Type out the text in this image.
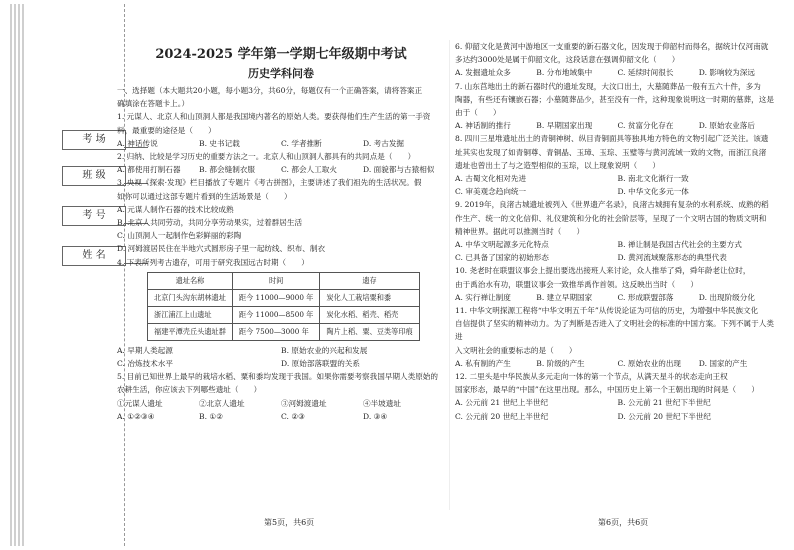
考 场
班 级
考 号
姓 名
2024-2025 学年第一学期七年级期中考试
历史学科问卷

一、选择题（本大题共20小题，每小题3分，共60分，每题仅有一个正确答案，请将答案正

确填涂在答题卡上。）

1. 元谋人、北京人和山顶洞人都是我国境内著名的原始人类。要获得他们生产生活的第一手资

料，最重要的途径是（　　）

A. 神话传说	B. 史书记载	C. 学者推断	D. 考古发掘

2. 归纳、比较是学习历史的重要方法之一。北京人和山顶洞人都具有的共同点是（　　）

A. 都使用打制石器	B. 都会缝制衣服	C. 都会人工取火	D. 面貌都与古猿相似

3. 央视《探索·发现》栏目播放了专题片《考古拼图》，主要讲述了我们祖先的生活状况。假

如你可以通过这部专题片看到的生活场景是（　　）

A. 元谋人制作石器的技术比较成熟
B. 北京人共同劳动，共同分享劳动果实，过着群居生活
C. 山顶洞人一起制作色彩鲜丽的彩陶
D. 河姆渡居民住在半地穴式圆形房子里一起纺线、织布、制衣

4. 下表所列考古遗存，可用于研究我国远古时期（　　）

遗址名称	时间	遗存
北京门头沟东胡林遗址	距今 11000—9000 年	炭化人工栽培粟和黍
浙江浦江上山遗址	距今 11000—8500 年	炭化水稻、稻壳、稻壳
福建平潭壳丘头遗址群	距今 7500—3000 年	陶片上稻、粟、豆类等印痕
A. 早期人类起源	B. 原始农业的兴起和发展
C. 冶炼技术水平	D. 原始部落联盟的关系

5. 目前已知世界上最早的栽培水稻、粟和黍均发现于我国。如果你需要考察我国早期人类原始的

农耕生活，你应该去下列哪些遗址（　　）

①元谋人遗址	②北京人遗址	③河姆渡遗址	④半坡遗址
A. ①②③④	B. ①②	C. ②③	D. ③④

6. 仰韶文化是黄河中游地区一支重要的新石器文化，因发现于仰韶村而得名，据统计仅河南就

多达约3000处是属于仰韶文化，这段话意在强调仰韶文化（　　）

A. 发掘遗址众多	B. 分布地域集中	C. 延续时间很长	D. 影响较为深远

7. 山东莒地出土的新石器时代的遗址发现，大汶口出土，大墓随葬品一般有五六十件，多为

陶器，有些还有镶嵌石器；小墓随葬品少，甚至没有一件，这种现象说明这一时期的墓葬，这是由于（　　）

A. 神话制的推行	B. 早期国家出现	C. 贫富分化存在	D. 原始农业落后

8. 四川三星堆遗址出土的青铜神树、纵目青铜面具等独具地方特色的文物引起广泛关注。该遗

址其实也发现了如青铜尊、青铜晶、玉璋、玉琮、玉璧等与黄河流域一致的文物，而浙江良渚

遗址也曾出土了与之造型相似的玉琮，以上现象说明（　　）

A. 古蜀文化相对先进	B. 南北文化渐行一致
C. 审美观念趋向统一	D. 中华文化多元一体

9. 2019年，良渚古城遗址被列入《世界遗产名录》，良渚古城拥有复杂的水利系统、成熟的稻

作生产、统一的文化信仰、礼仪建筑和分化的社会阶层等，呈现了一个文明古国的物质文明和

精神世界。据此可以推测当时（　　）

A. 中华文明起源多元化特点	B. 禅让制是我国古代社会的主要方式
C. 已具备了国家的初始形态	D. 黄河流域聚落形态的典型代表

10. 尧老时在联盟议事会上提出要选出接班人来讨论，众人推举了舜，舜年龄老让位时，

由于禹治水有功，联盟议事会一致推举禹作首领。这反映出当时（　　）

A. 实行禅让制度	B. 建立早期国家	C. 形成联盟部落	D. 出现阶级分化

11. 中华文明探源工程将“中华文明五千年”从传说论证为可信的历史，为增强中华民族文化

自信提供了坚实的精神动力。为了判断是否进入了文明社会的标准的中国方案。下列不属于人类进

入文明社会的重要标志的是（　　）

A. 私有制的产生	B. 阶级的产生	C. 原始农业的出现	D. 国家的产生

12. 二里头是中华民族从多元走向一体的第一个节点，从满天星斗的状态走向王权

国家形态，最早的“中国”在这里出现。那么，中国历史上第一个王朝出现的时间是（　　）

A. 公元前 21 世纪上半世纪	B. 公元前 21 世纪下半世纪
C. 公元前 20 世纪上半世纪	D. 公元前 20 世纪下半世纪
第5页，共6页	第6页，共6页
